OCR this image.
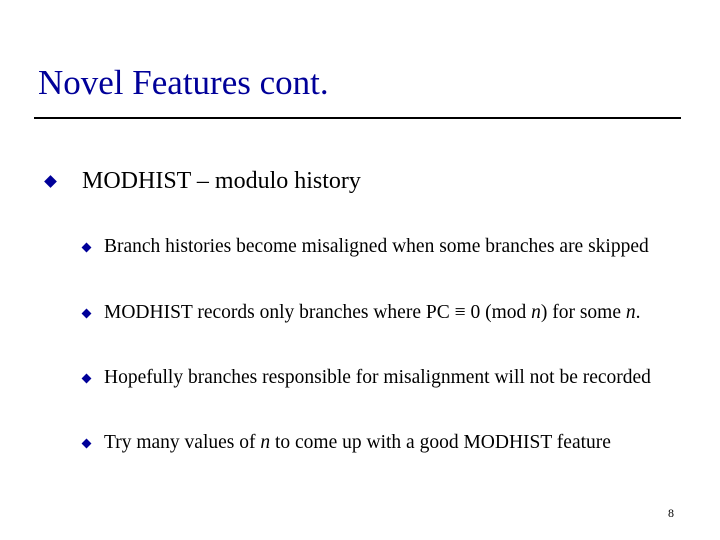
Novel Features cont.
MODHIST – modulo history
Branch histories become misaligned when some branches are skipped
MODHIST records only branches where PC ≡ 0 (mod n) for some n.
Hopefully branches responsible for misalignment will not be recorded
Try many values of n to come up with a good MODHIST feature
8
